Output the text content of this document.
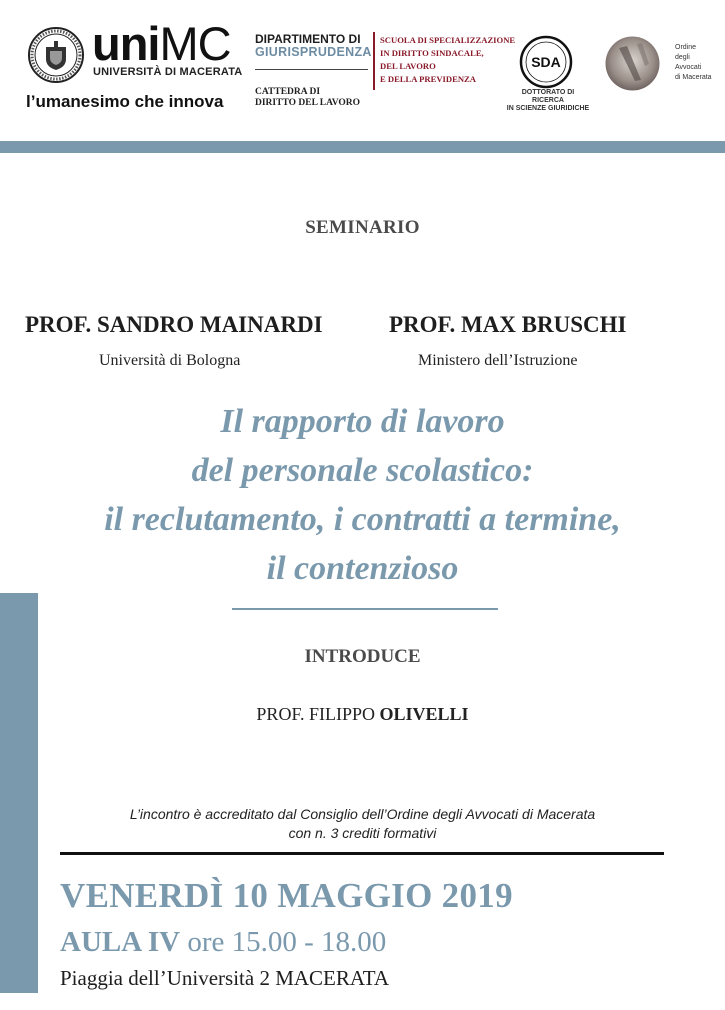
uniMC
UNIVERSITÀ DI MACERATA
l’umanesimo che innova
DIPARTIMENTO DI
GIURISPRUDENZA
CATTEDRA DI
DIRITTO DEL LAVORO
SCUOLA DI SPECIALIZZAZIONE
IN DIRITTO SINDACALE,
DEL LAVORO
E DELLA PREVIDENZA
SDA
DOTTORATO DI RICERCA
IN SCIENZE GIURIDICHE
Ordine
degli
Avvocati
di Macerata
SEMINARIO
PROF. SANDRO MAINARDI	PROF. MAX BRUSCHI
Università di Bologna	Ministero dell’Istruzione
Il rapporto di lavoro
del personale scolastico:
il reclutamento, i contratti a termine,
il contenzioso
INTRODUCE
PROF. FILIPPO OLIVELLI
L’incontro è accreditato dal Consiglio dell’Ordine degli Avvocati di Macerata
con n. 3 crediti formativi
VENERDÌ 10 MAGGIO 2019
AULA IV ore 15.00 - 18.00
Piaggia dell’Università 2 MACERATA
